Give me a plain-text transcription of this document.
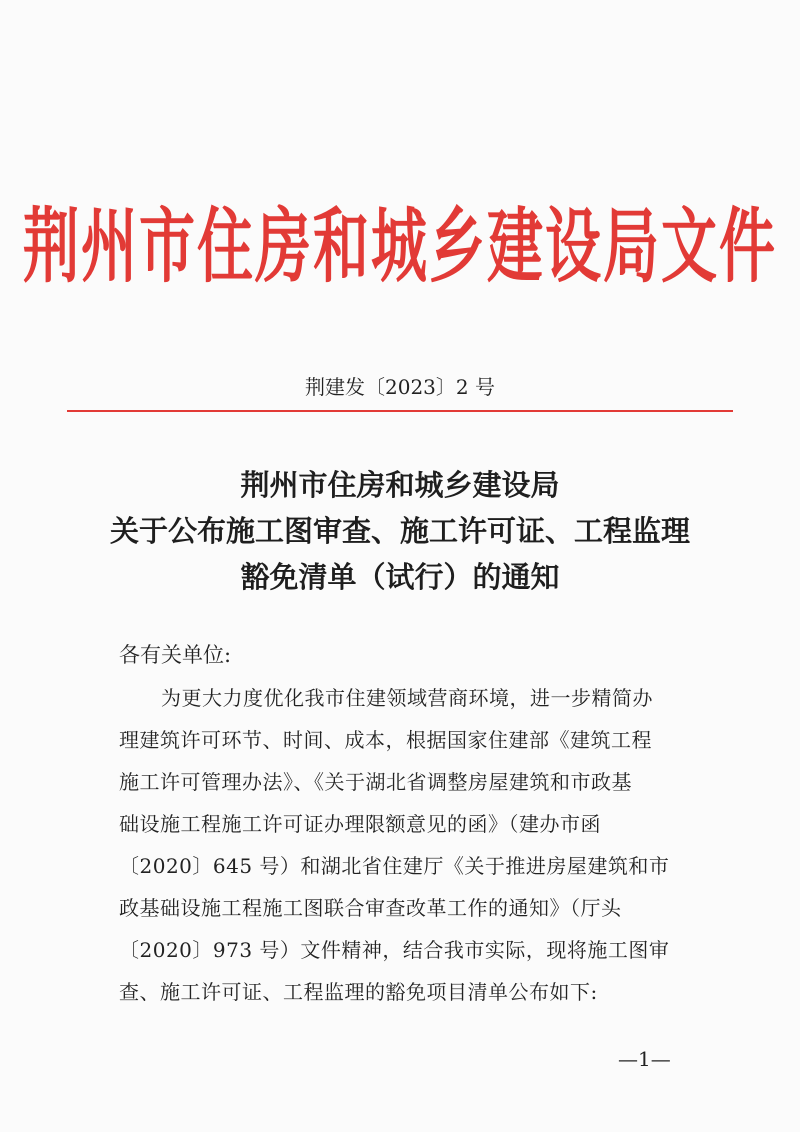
荆州市住房和城乡建设局文件
荆建发〔2023〕2 号
荆州市住房和城乡建设局
关于公布施工图审查、施工许可证、工程监理
豁免清单（试行）的通知
各有关单位:
为更大力度优化我市住建领域营商环境，进一步精简办
理建筑许可环节、时间、成本，根据国家住建部《建筑工程
施工许可管理办法》、《关于湖北省调整房屋建筑和市政基
础设施工程施工许可证办理限额意见的函》（建办市函
〔2020〕645 号）和湖北省住建厅《关于推进房屋建筑和市
政基础设施工程施工图联合审查改革工作的通知》（厅头
〔2020〕973 号）文件精神，结合我市实际，现将施工图审
查、施工许可证、工程监理的豁免项目清单公布如下:
—1—
